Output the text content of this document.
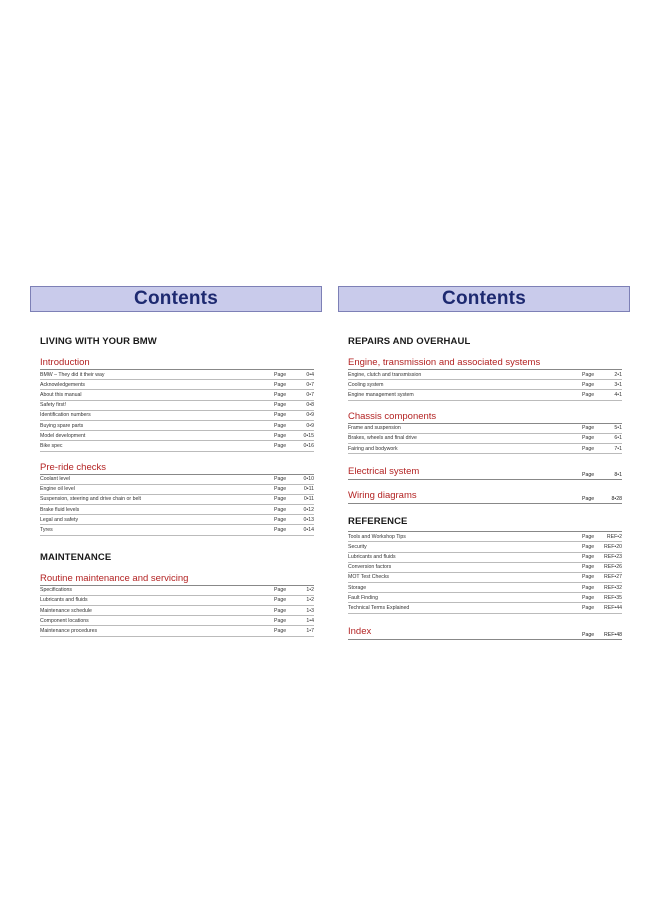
Contents
LIVING WITH YOUR BMW
Introduction
BMW – They did it their way	Page	0•4
Acknowledgements	Page	0•7
About this manual	Page	0•7
Safety first!	Page	0•8
Identification numbers	Page	0•9
Buying spare parts	Page	0•9
Model development	Page	0•15
Bike spec	Page	0•16
Pre-ride checks
Coolant level	Page	0•10
Engine oil level	Page	0•11
Suspension, steering and drive chain or belt	Page	0•11
Brake fluid levels	Page	0•12
Legal and safety	Page	0•13
Tyres	Page	0•14
MAINTENANCE
Routine maintenance and servicing
Specifications	Page	1•2
Lubricants and fluids	Page	1•2
Maintenance schedule	Page	1•3
Component locations	Page	1•4
Maintenance procedures	Page	1•7
Contents
REPAIRS AND OVERHAUL
Engine, transmission and associated systems
Engine, clutch and transmission	Page	2•1
Cooling system	Page	3•1
Engine management system	Page	4•1
Chassis components
Frame and suspension	Page	5•1
Brakes, wheels and final drive	Page	6•1
Fairing and bodywork	Page	7•1
Electrical system	Page	8•1
Wiring diagrams	Page	8•28
REFERENCE
Tools and Workshop Tips	Page	REF•2
Security	Page	REF•20
Lubricants and fluids	Page	REF•23
Conversion factors	Page	REF•26
MOT Test Checks	Page	REF•27
Storage	Page	REF•32
Fault Finding	Page	REF•35
Technical Terms Explained	Page	REF•44
Index	Page	REF•48
